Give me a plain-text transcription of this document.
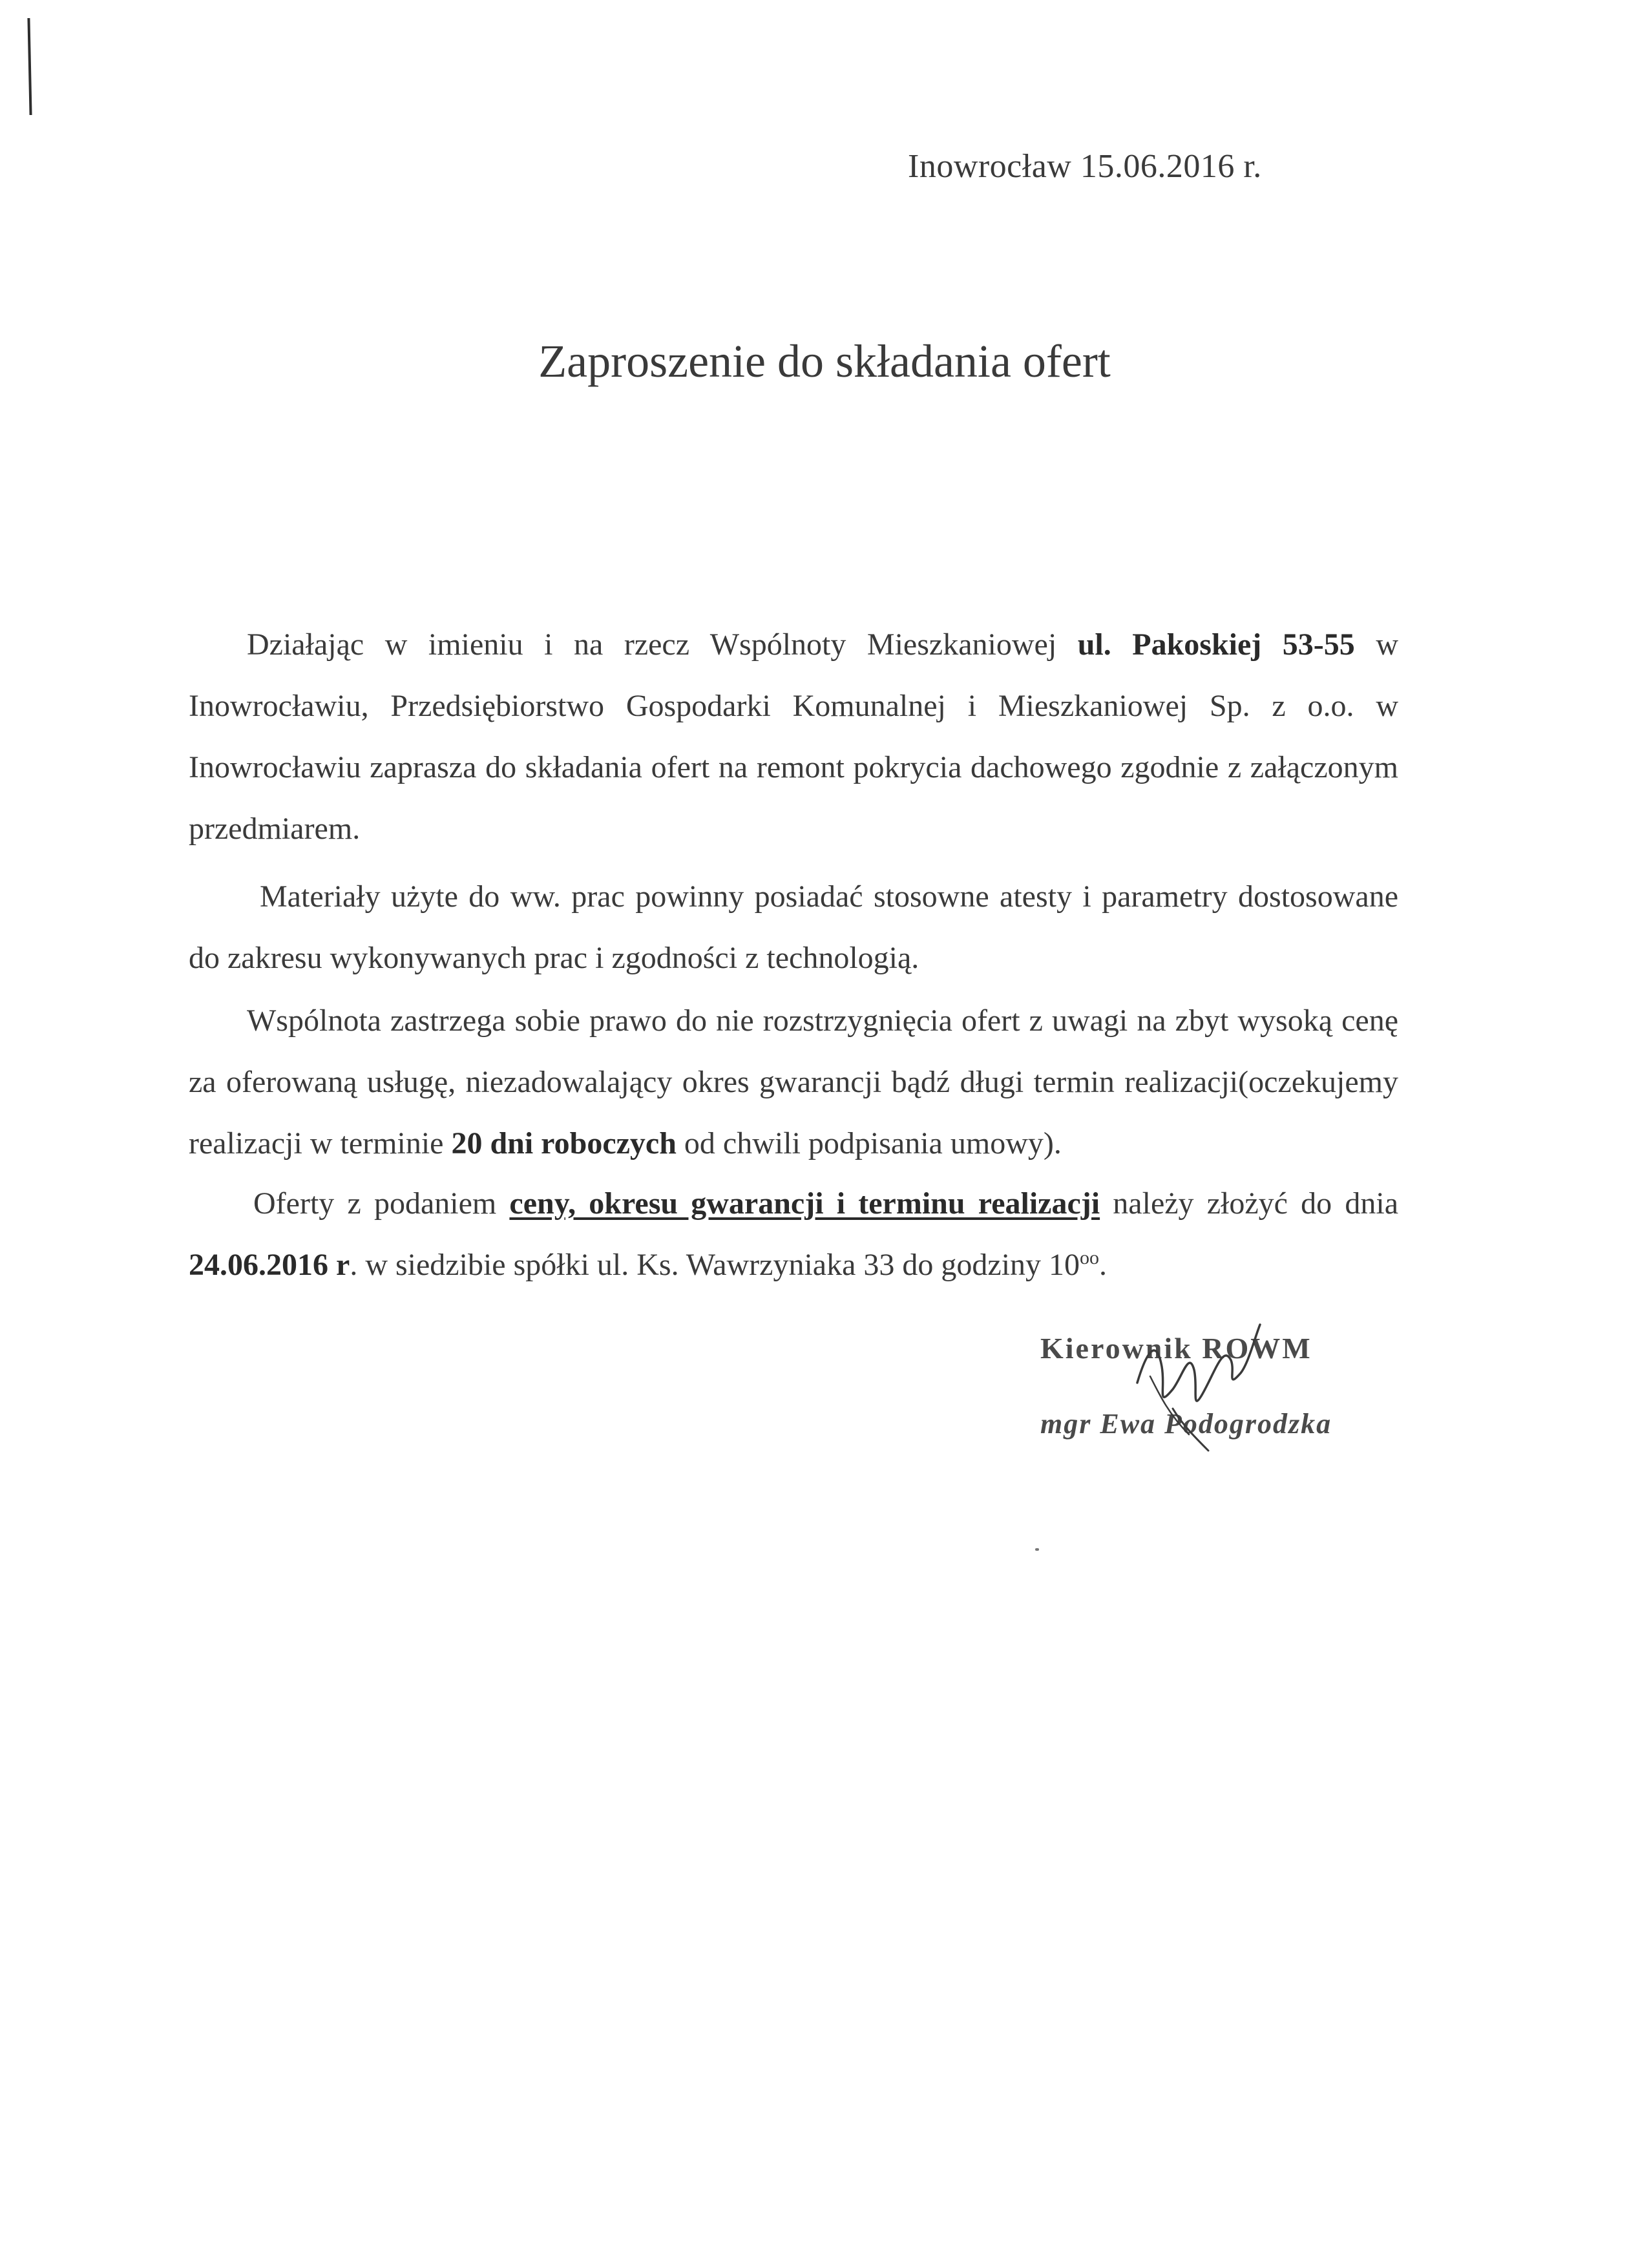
Inowrocław 15.06.2016 r.
Zaproszenie do składania ofert
Działając w imieniu i na rzecz Wspólnoty Mieszkaniowej ul. Pakoskiej 53-55 w Inowrocławiu, Przedsiębiorstwo Gospodarki Komunalnej i Mieszkaniowej Sp. z o.o. w Inowrocławiu zaprasza do składania ofert na remont pokrycia dachowego zgodnie z załączonym przedmiarem.
Materiały użyte do ww. prac powinny posiadać stosowne atesty i parametry dostosowane do zakresu wykonywanych prac i zgodności z technologią.
Wspólnota zastrzega sobie prawo do nie rozstrzygnięcia ofert z uwagi na zbyt wysoką cenę za oferowaną usługę, niezadowalający okres gwarancji bądź długi termin realizacji(oczekujemy realizacji w terminie 20 dni roboczych od chwili podpisania umowy).
Oferty z podaniem ceny, okresu gwarancji i terminu realizacji należy złożyć do dnia 24.06.2016 r. w siedzibie spółki ul. Ks. Wawrzyniaka 33 do godziny $10^{oo}$.
Kierownik ROWM
mgr Ewa Podogrodzka
